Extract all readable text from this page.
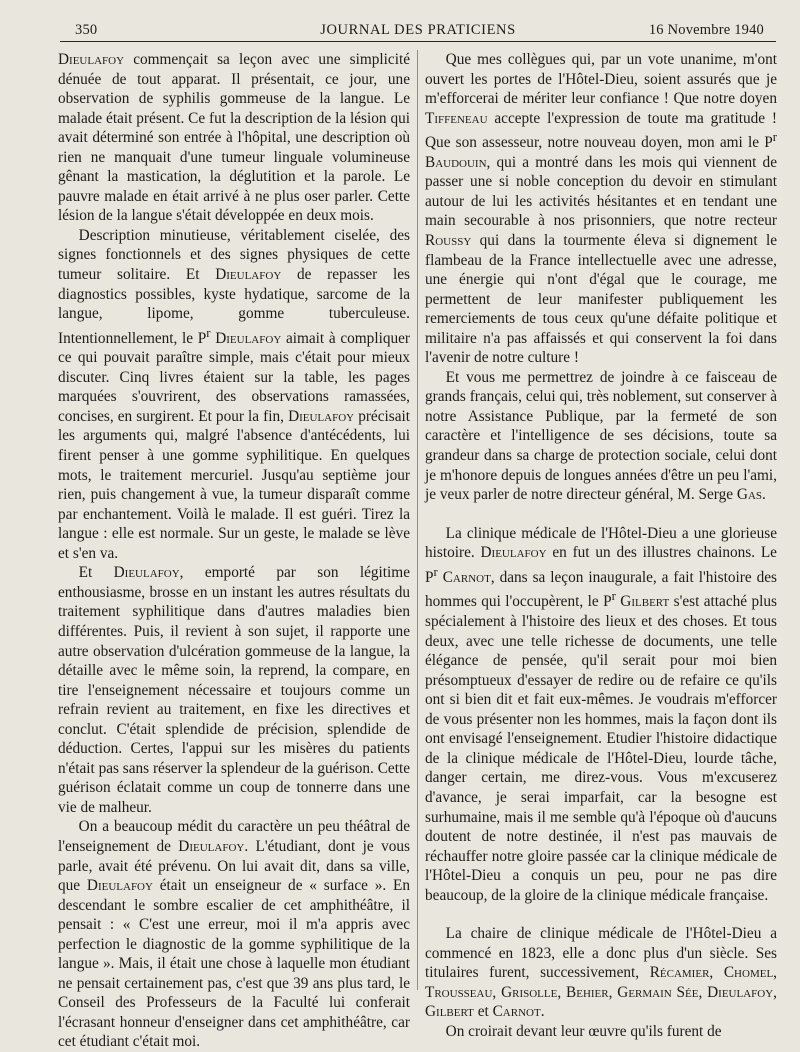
350	JOURNAL DES PRATICIENS	16 Novembre 1940

Dieulafoy commençait sa leçon avec une simplicité dénuée de tout apparat. Il présentait, ce jour, une observation de syphilis gommeuse de la langue. Le malade était présent. Ce fut la description de la lésion qui avait déterminé son entrée à l'hôpital, une description où rien ne manquait d'une tumeur linguale volumineuse gênant la mastication, la déglutition et la parole. Le pauvre malade en était arrivé à ne plus oser parler. Cette lésion de la langue s'était développée en deux mois.

Description minutieuse, véritablement ciselée, des signes fonctionnels et des signes physiques de cette tumeur solitaire. Et Dieulafoy de repasser les diagnostics possibles, kyste hydatique, sarcome de la langue, lipome, gomme tuberculeuse. Intentionnellement, le $P^r$ Dieulafoy aimait à compliquer ce qui pouvait paraître simple, mais c'était pour mieux discuter. Cinq livres étaient sur la table, les pages marquées s'ouvrirent, des observations ramassées, concises, en surgirent. Et pour la fin, Dieulafoy précisait les arguments qui, malgré l'absence d'antécédents, lui firent penser à une gomme syphilitique. En quelques mots, le traitement mercuriel. Jusqu'au septième jour rien, puis changement à vue, la tumeur disparaît comme par enchantement. Voilà le malade. Il est guéri. Tirez la langue : elle est normale. Sur un geste, le malade se lève et s'en va.

Et Dieulafoy, emporté par son légitime enthousiasme, brosse en un instant les autres résultats du traitement syphilitique dans d'autres maladies bien différentes. Puis, il revient à son sujet, il rapporte une autre observation d'ulcération gommeuse de la langue, la détaille avec le même soin, la reprend, la compare, en tire l'enseignement nécessaire et toujours comme un refrain revient au traitement, en fixe les directives et conclut. C'était splendide de précision, splendide de déduction. Certes, l'appui sur les misères du patients n'était pas sans réserver la splendeur de la guérison. Cette guérison éclatait comme un coup de tonnerre dans une vie de malheur.

On a beaucoup médit du caractère un peu théâtral de l'enseignement de Dieulafoy. L'étudiant, dont je vous parle, avait été prévenu. On lui avait dit, dans sa ville, que Dieulafoy était un enseigneur de « surface ». En descendant le sombre escalier de cet amphithéâtre, il pensait : « C'est une erreur, moi il m'a appris avec perfection le diagnostic de la gomme syphilitique de la langue ». Mais, il était une chose à laquelle mon étudiant ne pensait certainement pas, c'est que 39 ans plus tard, le Conseil des Professeurs de la Faculté lui conferait l'écrasant honneur d'enseigner dans cet amphithéâtre, car cet étudiant c'était moi.

Que mes collègues qui, par un vote unanime, m'ont ouvert les portes de l'Hôtel-Dieu, soient assurés que je m'efforcerai de mériter leur confiance ! Que notre doyen Tiffeneau accepte l'expression de toute ma gratitude ! Que son assesseur, notre nouveau doyen, mon ami le $P^r$ Baudouin, qui a montré dans les mois qui viennent de passer une si noble conception du devoir en stimulant autour de lui les activités hésitantes et en tendant une main secourable à nos prisonniers, que notre recteur Roussy qui dans la tourmente éleva si dignement le flambeau de la France intellectuelle avec une adresse, une énergie qui n'ont d'égal que le courage, me permettent de leur manifester publiquement les remerciements de tous ceux qu'une défaite politique et militaire n'a pas affaissés et qui conservent la foi dans l'avenir de notre culture !

Et vous me permettrez de joindre à ce faisceau de grands français, celui qui, très noblement, sut conserver à notre Assistance Publique, par la fermeté de son caractère et l'intelligence de ses décisions, toute sa grandeur dans sa charge de protection sociale, celui dont je m'honore depuis de longues années d'être un peu l'ami, je veux parler de notre directeur général, M. Serge Gas.

La clinique médicale de l'Hôtel-Dieu a une glorieuse histoire. Dieulafoy en fut un des illustres chainons. Le $P^r$ Carnot, dans sa leçon inaugurale, a fait l'histoire des hommes qui l'occupèrent, le $P^r$ Gilbert s'est attaché plus spécialement à l'histoire des lieux et des choses. Et tous deux, avec une telle richesse de documents, une telle élégance de pensée, qu'il serait pour moi bien présomptueux d'essayer de redire ou de refaire ce qu'ils ont si bien dit et fait eux-mêmes. Je voudrais m'efforcer de vous présenter non les hommes, mais la façon dont ils ont envisagé l'enseignement. Etudier l'histoire didactique de la clinique médicale de l'Hôtel-Dieu, lourde tâche, danger certain, me direz-vous. Vous m'excuserez d'avance, je serai imparfait, car la besogne est surhumaine, mais il me semble qu'à l'époque où d'aucuns doutent de notre destinée, il n'est pas mauvais de réchauffer notre gloire passée car la clinique médicale de l'Hôtel-Dieu a conquis un peu, pour ne pas dire beaucoup, de la gloire de la clinique médicale française.

La chaire de clinique médicale de l'Hôtel-Dieu a commencé en 1823, elle a donc plus d'un siècle. Ses titulaires furent, successivement, Récamier, Chomel, Trousseau, Grisolle, Behier, Germain Sée, Dieulafoy, Gilbert et Carnot.

On croirait devant leur œuvre qu'ils furent de
